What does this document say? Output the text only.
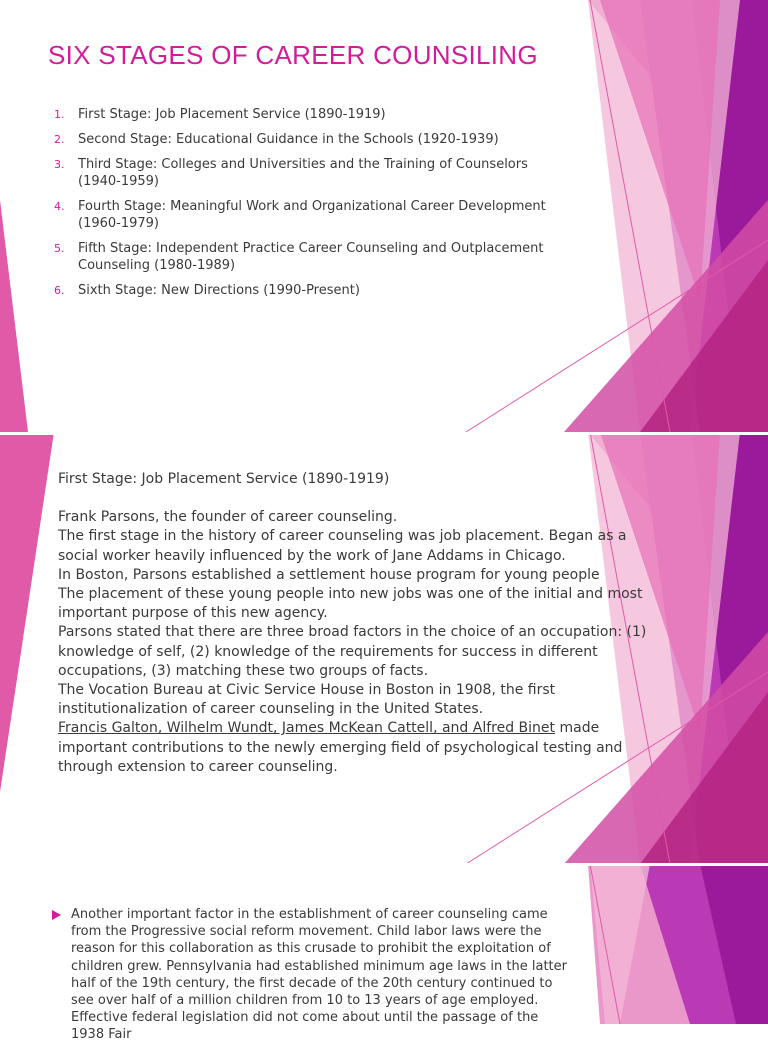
SIX STAGES OF CAREER COUNSILING
1. First Stage: Job Placement Service (1890-1919)
2. Second Stage: Educational Guidance in the Schools (1920-1939)
3. Third Stage: Colleges and Universities and the Training of Counselors (1940-1959)
4. Fourth Stage: Meaningful Work and Organizational Career Development (1960-1979)
5. Fifth Stage: Independent Practice Career Counseling and Outplacement Counseling (1980-1989)
6. Sixth Stage: New Directions (1990-Present)
First Stage: Job Placement Service (1890-1919)
Frank Parsons, the founder of career counseling.
The first stage in the history of career counseling was job placement. Began as a social worker heavily influenced by the work of Jane Addams in Chicago.
In Boston, Parsons established a settlement house program for young people
The placement of these young people into new jobs was one of the initial and most important purpose of this new agency.
Parsons stated that there are three broad factors in the choice of an occupation: (1) knowledge of self, (2) knowledge of the requirements for success in different occupations, (3) matching these two groups of facts.
The Vocation Bureau at Civic Service House in Boston in 1908, the first institutionalization of career counseling in the United States.
Francis Galton, Wilhelm Wundt, James McKean Cattell, and Alfred Binet made important contributions to the newly emerging field of psychological testing and through extension to career counseling.
Another important factor in the establishment of career counseling came from the Progressive social reform movement. Child labor laws were the reason for this collaboration as this crusade to prohibit the exploitation of children grew. Pennsylvania had established minimum age laws in the latter half of the 19th century, the first decade of the 20th century continued to see over half of a million children from 10 to 13 years of age employed. Effective federal legislation did not come about until the passage of the 1938 Fair
